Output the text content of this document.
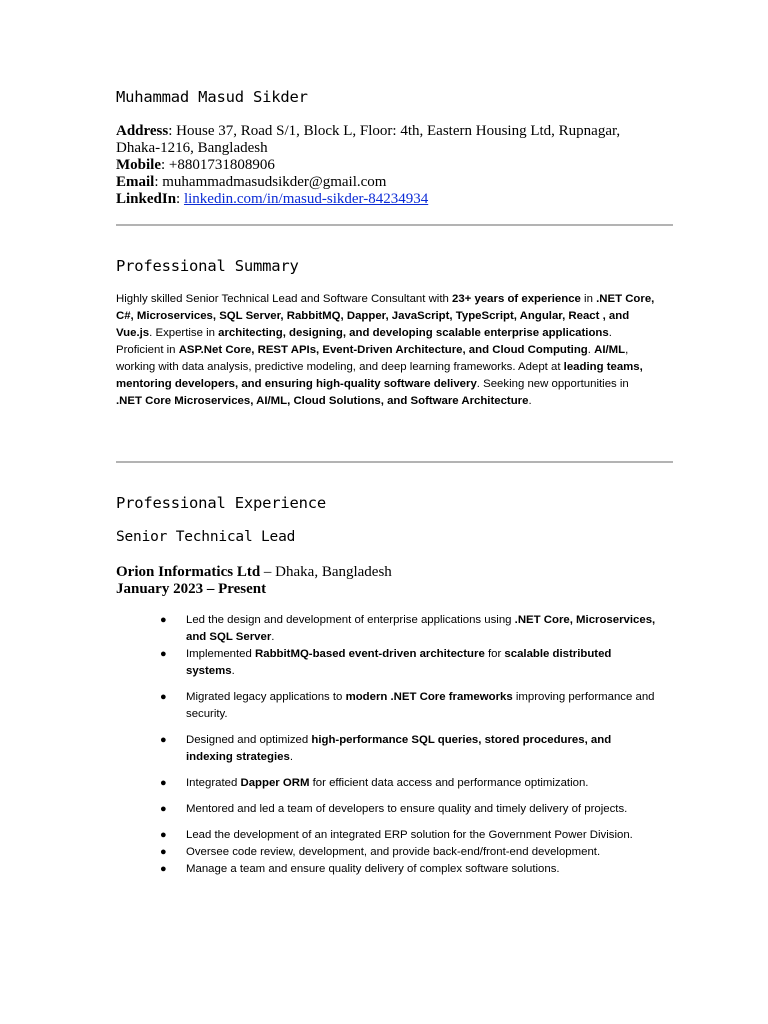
Muhammad Masud Sikder
Address: House 37, Road S/1, Block L, Floor: 4th, Eastern Housing Ltd, Rupnagar, Dhaka-1216, Bangladesh
Mobile: +8801731808906
Email: muhammadmasudsikder@gmail.com
LinkedIn: linkedin.com/in/masud-sikder-84234934
Professional Summary
Highly skilled Senior Technical Lead and Software Consultant with 23+ years of experience in .NET Core, C#, Microservices, SQL Server, RabbitMQ, Dapper, JavaScript, TypeScript, Angular, React , and Vue.js. Expertise in architecting, designing, and developing scalable enterprise applications. Proficient in ASP.Net Core, REST APIs, Event-Driven Architecture, and Cloud Computing. AI/ML, working with data analysis, predictive modeling, and deep learning frameworks. Adept at leading teams, mentoring developers, and ensuring high-quality software delivery. Seeking new opportunities in .NET Core Microservices, AI/ML, Cloud Solutions, and Software Architecture.
Professional Experience
Senior Technical Lead
Orion Informatics Ltd – Dhaka, Bangladesh
January 2023 – Present
● Led the design and development of enterprise applications using .NET Core, Microservices, and SQL Server.
● Implemented RabbitMQ-based event-driven architecture for scalable distributed systems.
● Migrated legacy applications to modern .NET Core frameworks improving performance and security.
● Designed and optimized high-performance SQL queries, stored procedures, and indexing strategies.
● Integrated Dapper ORM for efficient data access and performance optimization.
● Mentored and led a team of developers to ensure quality and timely delivery of projects.
● Lead the development of an integrated ERP solution for the Government Power Division.
● Oversee code review, development, and provide back-end/front-end development.
● Manage a team and ensure quality delivery of complex software solutions.
